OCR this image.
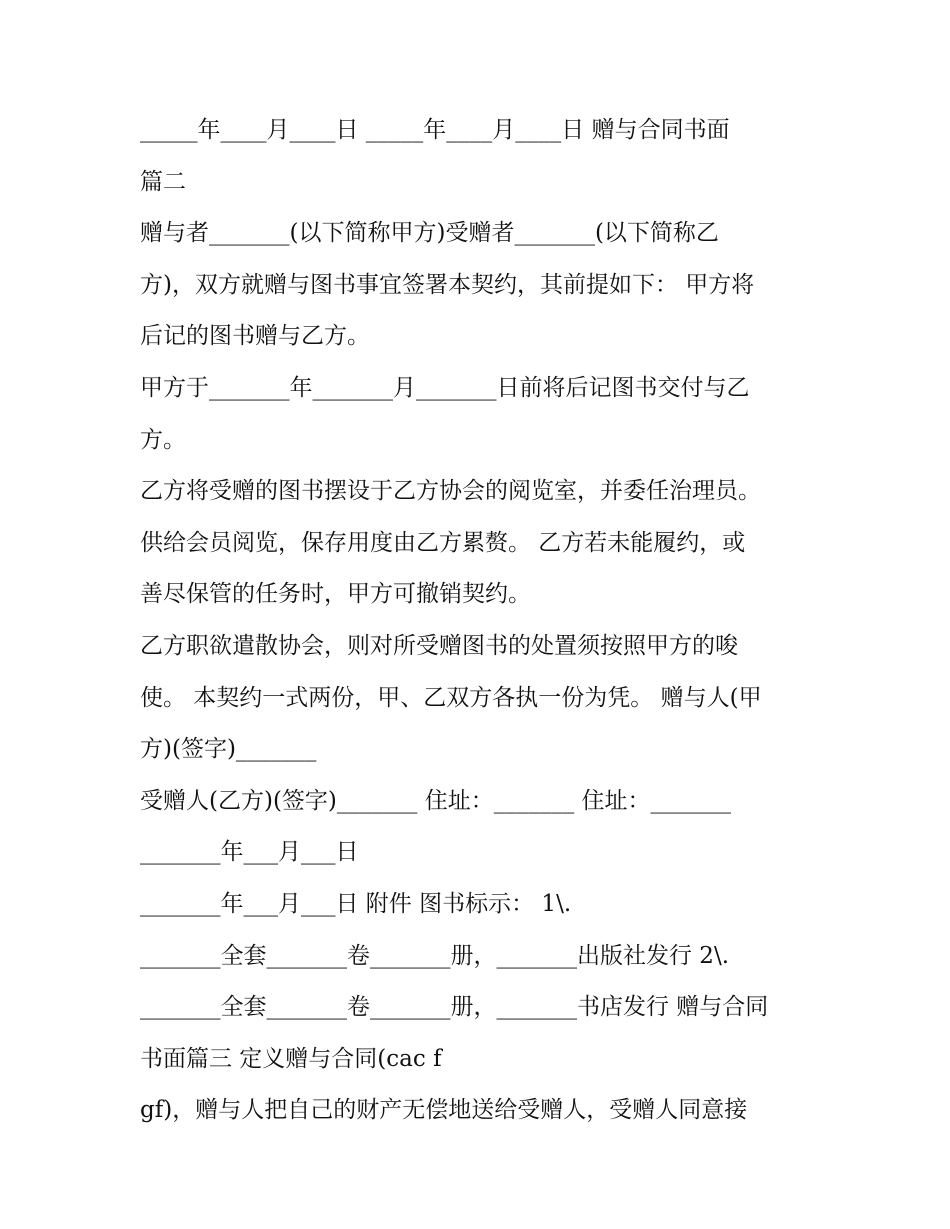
_____年____月____日 _____年____月____日 赠与合同书面
篇二
赠与者_______(以下简称甲方)受赠者_______(以下简称乙
方)，双方就赠与图书事宜签署本契约，其前提如下： 甲方将
后记的图书赠与乙方。
甲方于_______年_______月_______日前将后记图书交付与乙
方。
乙方将受赠的图书摆设于乙方协会的阅览室，并委任治理员。
供给会员阅览，保存用度由乙方累赘。 乙方若未能履约，或
善尽保管的任务时，甲方可撤销契约。
乙方职欲遣散协会，则对所受赠图书的处置须按照甲方的唆
使。 本契约一式两份，甲、乙双方各执一份为凭。 赠与人(甲
方)(签字)_______
受赠人(乙方)(签字)_______ 住址：_______ 住址：_______
_______年___月___日
_______年___月___日 附件 图书标示： 1\.
_______全套_______卷_______册，_______出版社发行 2\.
_______全套_______卷_______册，_______书店发行 赠与合同
书面篇三 定义赠与合同(cac f
gf)，赠与人把自己的财产无偿地送给受赠人，受赠人同意接
